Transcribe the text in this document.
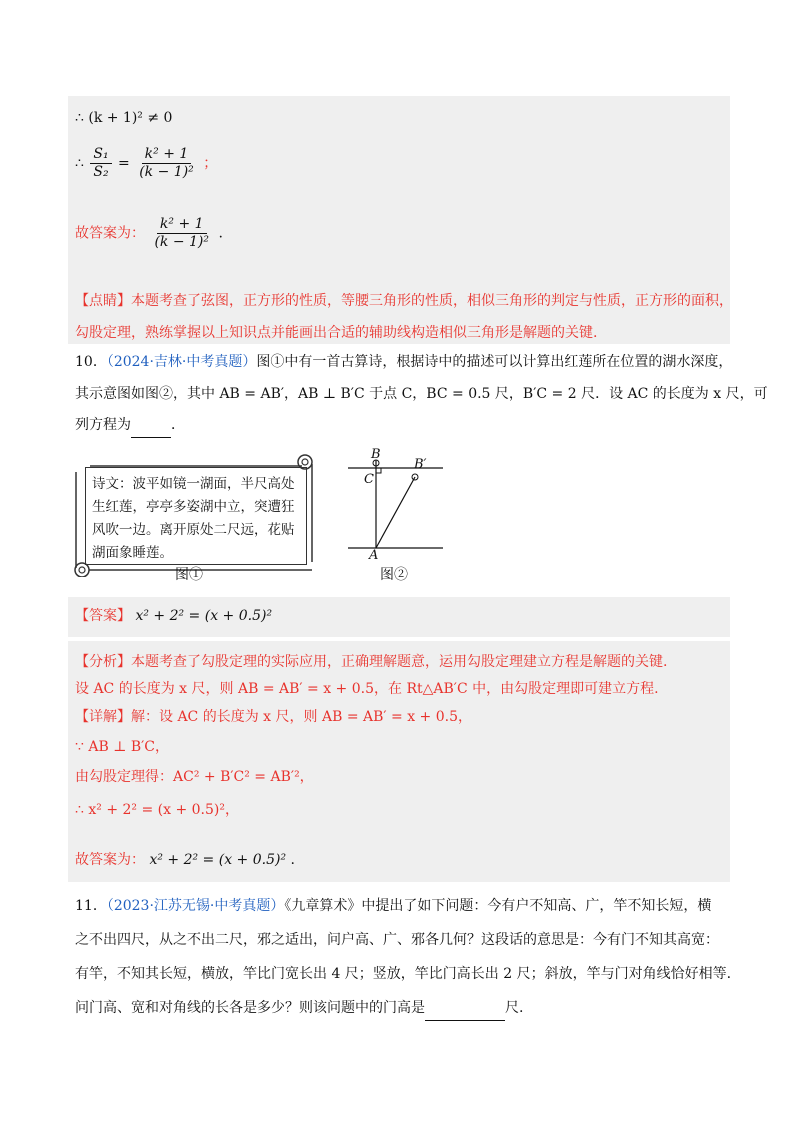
∴ (k + 1)² ≠ 0
∴ $\frac{\text{S₁}}{\text{S₂}} = \frac{\text{k² + 1}}{\text{(k − 1)²}}$ ；
故答案为： $\frac{\text{k² + 1}}{\text{(k − 1)²}}$ .
【点睛】本题考查了弦图，正方形的性质，等腰三角形的性质，相似三角形的判定与性质，正方形的面积，
勾股定理，熟练掌握以上知识点并能画出合适的辅助线构造相似三角形是解题的关键.
10．（2024·吉林·中考真题）图①中有一首古算诗，根据诗中的描述可以计算出红莲所在位置的湖水深度，
其示意图如图②，其中 AB = AB′，AB ⊥ B′C 于点 C，BC = 0.5 尺，B′C = 2 尺．设 AC 的长度为 x 尺，可
列方程为	．
诗文：波平如镜一湖面，半尺高处生红莲，亭亭多姿湖中立，突遭狂风吹一边。离开原处二尺远，花贴湖面象睡莲。
图①
B
B′
C
A
图②
【答案】 x² + 2² = (x + 0.5)²
【分析】本题考查了勾股定理的实际应用，正确理解题意，运用勾股定理建立方程是解题的关键.
设 AC 的长度为 x 尺，则 AB = AB′ = x + 0.5，在 Rt△AB′C 中，由勾股定理即可建立方程.
【详解】解：设 AC 的长度为 x 尺，则 AB = AB′ = x + 0.5，
∵ AB ⊥ B′C，
由勾股定理得：AC² + B′C² = AB′²，
∴ x² + 2² = (x + 0.5)²，
故答案为： x² + 2² = (x + 0.5)² .
11．（2023·江苏无锡·中考真题）《九章算术》中提出了如下问题：今有户不知高、广，竿不知长短，横
之不出四尺，从之不出二尺，邪之适出，问户高、广、邪各几何？这段话的意思是：今有门不知其高宽：
有竿，不知其长短，横放，竿比门宽长出 4 尺；竖放，竿比门高长出 2 尺；斜放，竿与门对角线恰好相等.
问门高、宽和对角线的长各是多少？则该问题中的门高是	尺.
